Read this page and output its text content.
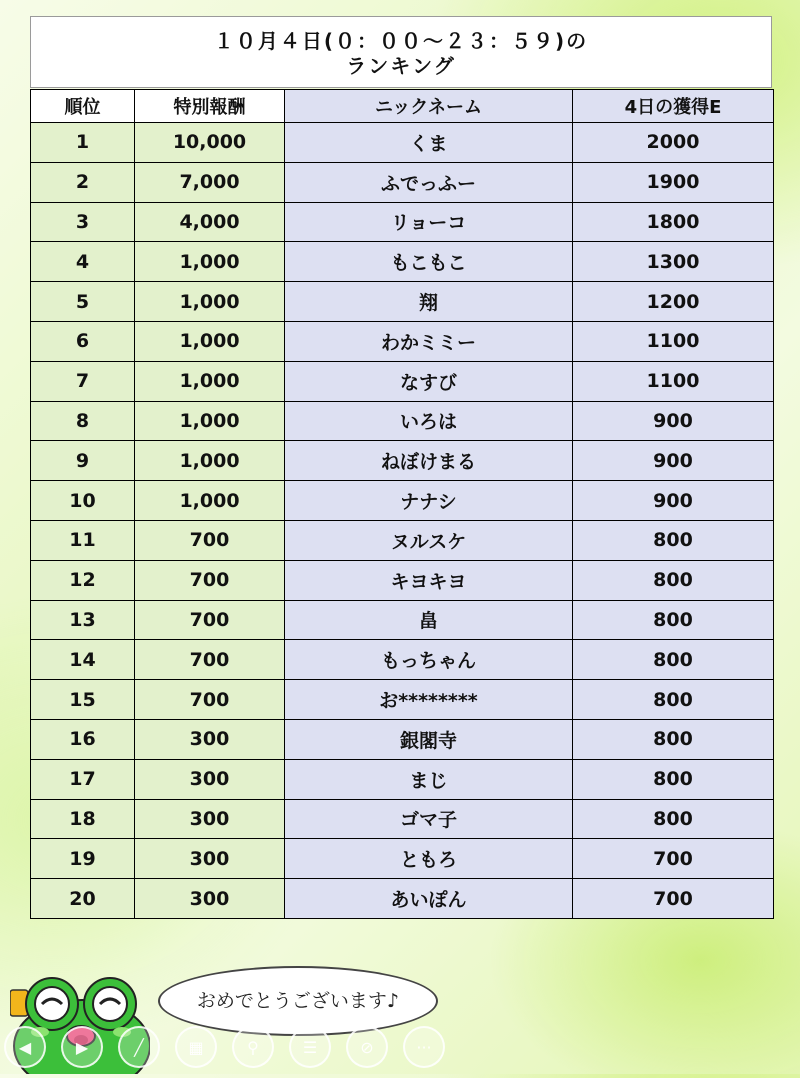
１０月４日(０：００〜２３：５９)の
ランキング
順位	特別報酬	ニックネーム	4日の獲得E
1	10,000	くま	2000
2	7,000	ふでっふー	1900
3	4,000	リョーコ	1800
4	1,000	もこもこ	1300
5	1,000	翔	1200
6	1,000	わかミミー	1100
7	1,000	なすび	1100
8	1,000	いろは	900
9	1,000	ねぼけまる	900
10	1,000	ナナシ	900
11	700	ヌルスケ	800
12	700	キヨキヨ	800
13	700	畠	800
14	700	もっちゃん	800
15	700	お********	800
16	300	銀閣寺	800
17	300	まじ	800
18	300	ゴマ子	800
19	300	ともろ	700
20	300	あいぽん	700
おめでとうございます♪
◀	▶	╱	▦	⚲	☰	⊘	···
